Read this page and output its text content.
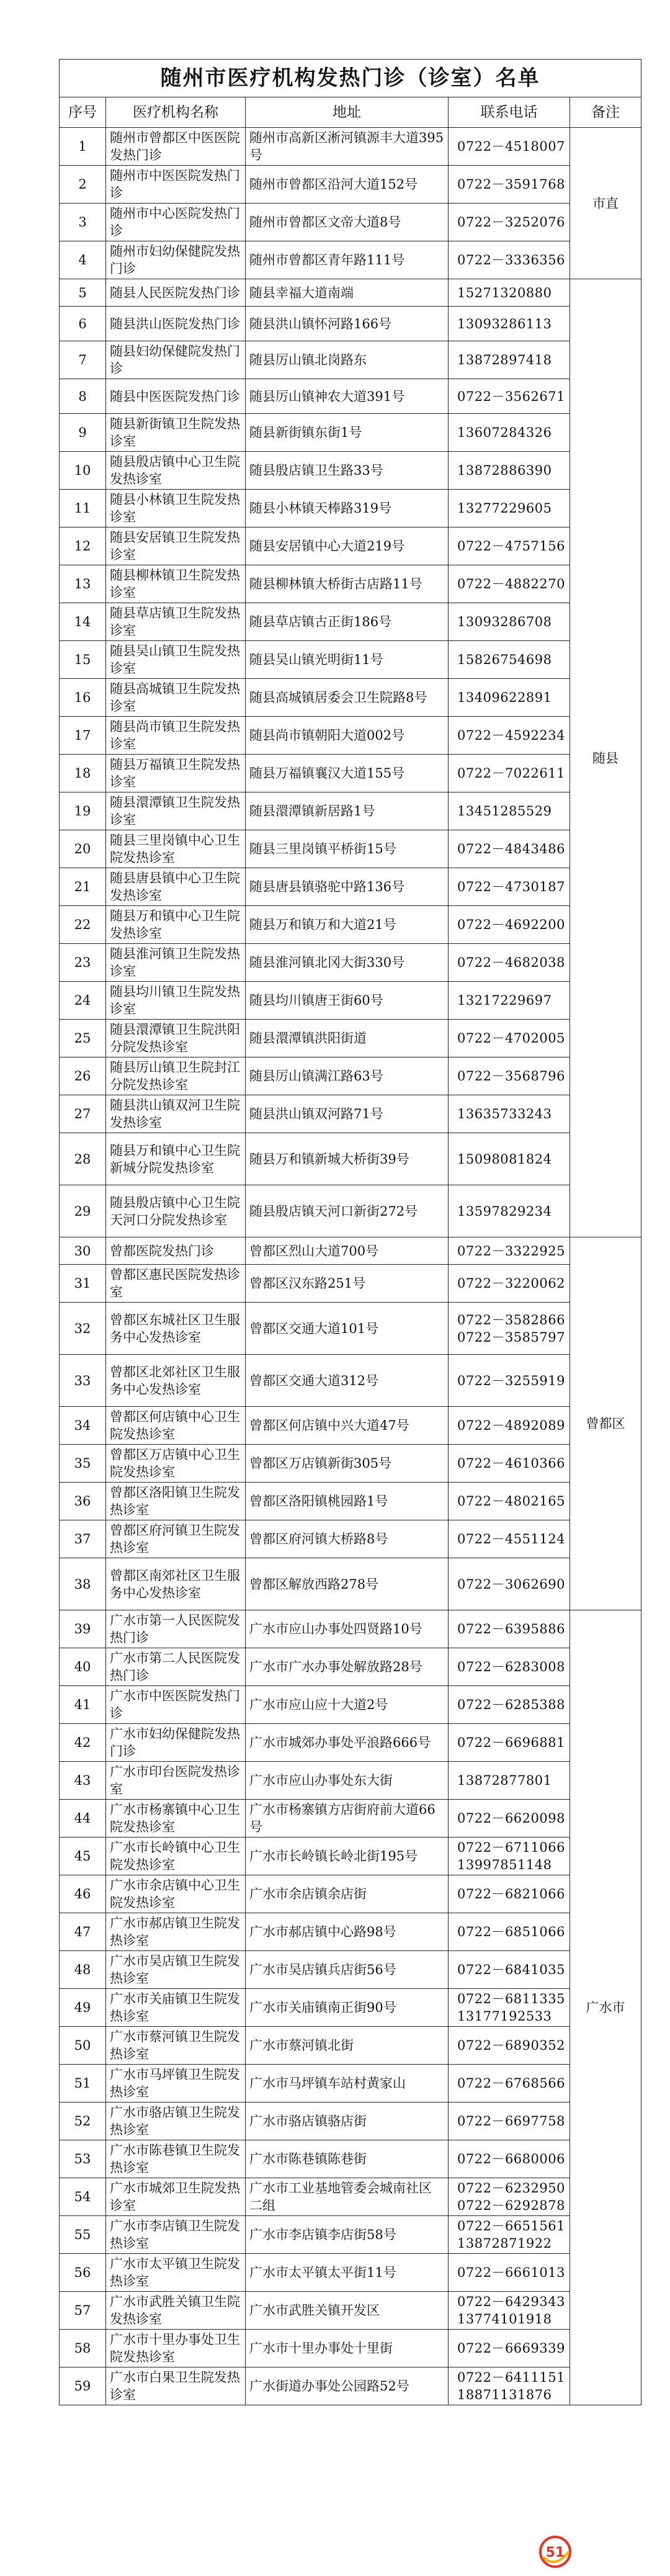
随州市医疗机构发热门诊（诊室）名单				
序号	医疗机构名称	地址	联系电话	备注
1	随州市曾都区中医医院发热门诊	随州市高新区淅河镇源丰大道395号	0722－4518007	市直
2	随州市中医医院发热门诊	随州市曾都区沿河大道152号	0722－3591768	
3	随州市中心医院发热门诊	随州市曾都区文帝大道8号	0722－3252076	
4	随州市妇幼保健院发热门诊	随州市曾都区青年路111号	0722－3336356	
5	随县人民医院发热门诊	随县幸福大道南端	15271320880	随县
6	随县洪山医院发热门诊	随县洪山镇怀河路166号	13093286113	
7	随县妇幼保健院发热门诊	随县厉山镇北岗路东	13872897418	
8	随县中医医院发热门诊	随县厉山镇神农大道391号	0722－3562671	
9	随县新街镇卫生院发热诊室	随县新街镇东街1号	13607284326	
10	随县殷店镇中心卫生院发热诊室	随县殷店镇卫生路33号	13872886390	
11	随县小林镇卫生院发热诊室	随县小林镇天棒路319号	13277229605	
12	随县安居镇卫生院发热诊室	随县安居镇中心大道219号	0722－4757156	
13	随县柳林镇卫生院发热诊室	随县柳林镇大桥街古店路11号	0722－4882270	
14	随县草店镇卫生院发热诊室	随县草店镇古正街186号	13093286708	
15	随县吴山镇卫生院发热诊室	随县吴山镇光明街11号	15826754698	
16	随县高城镇卫生院发热诊室	随县高城镇居委会卫生院路8号	13409622891	
17	随县尚市镇卫生院发热诊室	随县尚市镇朝阳大道002号	0722－4592234	
18	随县万福镇卫生院发热诊室	随县万福镇襄汉大道155号	0722－7022611	
19	随县澴潭镇卫生院发热诊室	随县澴潭镇新居路1号	13451285529	
20	随县三里岗镇中心卫生院发热诊室	随县三里岗镇平桥街15号	0722－4843486	
21	随县唐县镇中心卫生院发热诊室	随县唐县镇骆驼中路136号	0722－4730187	
22	随县万和镇中心卫生院发热诊室	随县万和镇万和大道21号	0722－4692200	
23	随县淮河镇卫生院发热诊室	随县淮河镇北冈大街330号	0722－4682038	
24	随县均川镇卫生院发热诊室	随县均川镇唐王街60号	13217229697	
25	随县澴潭镇卫生院洪阳分院发热诊室	随县澴潭镇洪阳街道	0722－4702005	
26	随县厉山镇卫生院封江分院发热诊室	随县厉山镇满江路63号	0722－3568796	
27	随县洪山镇双河卫生院发热诊室	随县洪山镇双河路71号	13635733243	
28	随县万和镇中心卫生院新城分院发热诊室	随县万和镇新城大桥街39号	15098081824	
29	随县殷店镇中心卫生院天河口分院发热诊室	随县殷店镇天河口新街272号	13597829234	
30	曾都医院发热门诊	曾都区烈山大道700号	0722－3322925	曾都区
31	曾都区惠民医院发热诊室	曾都区汉东路251号	0722－3220062	
32	曾都区东城社区卫生服务中心发热诊室	曾都区交通大道101号	0722－3582866
0722－3585797	
33	曾都区北郊社区卫生服务中心发热诊室	曾都区交通大道312号	0722－3255919	
34	曾都区何店镇中心卫生院发热诊室	曾都区何店镇中兴大道47号	0722－4892089	
35	曾都区万店镇中心卫生院发热诊室	曾都区万店镇新街305号	0722－4610366	
36	曾都区洛阳镇卫生院发热诊室	曾都区洛阳镇桃园路1号	0722－4802165	
37	曾都区府河镇卫生院发热诊室	曾都区府河镇大桥路8号	0722－4551124	
38	曾都区南郊社区卫生服务中心发热诊室	曾都区解放西路278号	0722－3062690	
39	广水市第一人民医院发热门诊	广水市应山办事处四贤路10号	0722－6395886	广水市
40	广水市第二人民医院发热门诊	广水市广水办事处解放路28号	0722－6283008	
41	广水市中医医院发热门诊	广水市应山应十大道2号	0722－6285388	
42	广水市妇幼保健院发热门诊	广水市城郊办事处平浪路666号	0722－6696881	
43	广水市印台医院发热诊室	广水市应山办事处东大街	13872877801	
44	广水市杨寨镇中心卫生院发热诊室	广水市杨寨镇方店街府前大道66号	0722－6620098	
45	广水市长岭镇中心卫生院发热诊室	广水市长岭镇长岭北街195号	0722－6711066
13997851148	
46	广水市余店镇中心卫生院发热诊室	广水市余店镇余店街	0722－6821066	
47	广水市郝店镇卫生院发热诊室	广水市郝店镇中心路98号	0722－6851066	
48	广水市吴店镇卫生院发热诊室	广水市吴店镇兵店街56号	0722－6841035	
49	广水市关庙镇卫生院发热诊室	广水市关庙镇南正街90号	0722－6811335
13177192533	
50	广水市蔡河镇卫生院发热诊室	广水市蔡河镇北街	0722－6890352	
51	广水市马坪镇卫生院发热诊室	广水市马坪镇车站村黄家山	0722－6768566	
52	广水市骆店镇卫生院发热诊室	广水市骆店镇骆店街	0722－6697758	
53	广水市陈巷镇卫生院发热诊室	广水市陈巷镇陈巷街	0722－6680006	
54	广水市城郊卫生院发热诊室	广水市工业基地管委会城南社区二组	0722－6232950
0722－6292878	
55	广水市李店镇卫生院发热诊室	广水市李店镇李店街58号	0722－6651561
13872871922	
56	广水市太平镇卫生院发热诊室	广水市太平镇太平街11号	0722－6661013	
57	广水市武胜关镇卫生院发热诊室	广水市武胜关镇开发区	0722－6429343
13774101918	
58	广水市十里办事处卫生院发热诊室	广水市十里办事处十里街	0722－6669339	
59	广水市白果卫生院发热诊室	广水街道办事处公园路52号	0722－6411151
18871131876	
51
